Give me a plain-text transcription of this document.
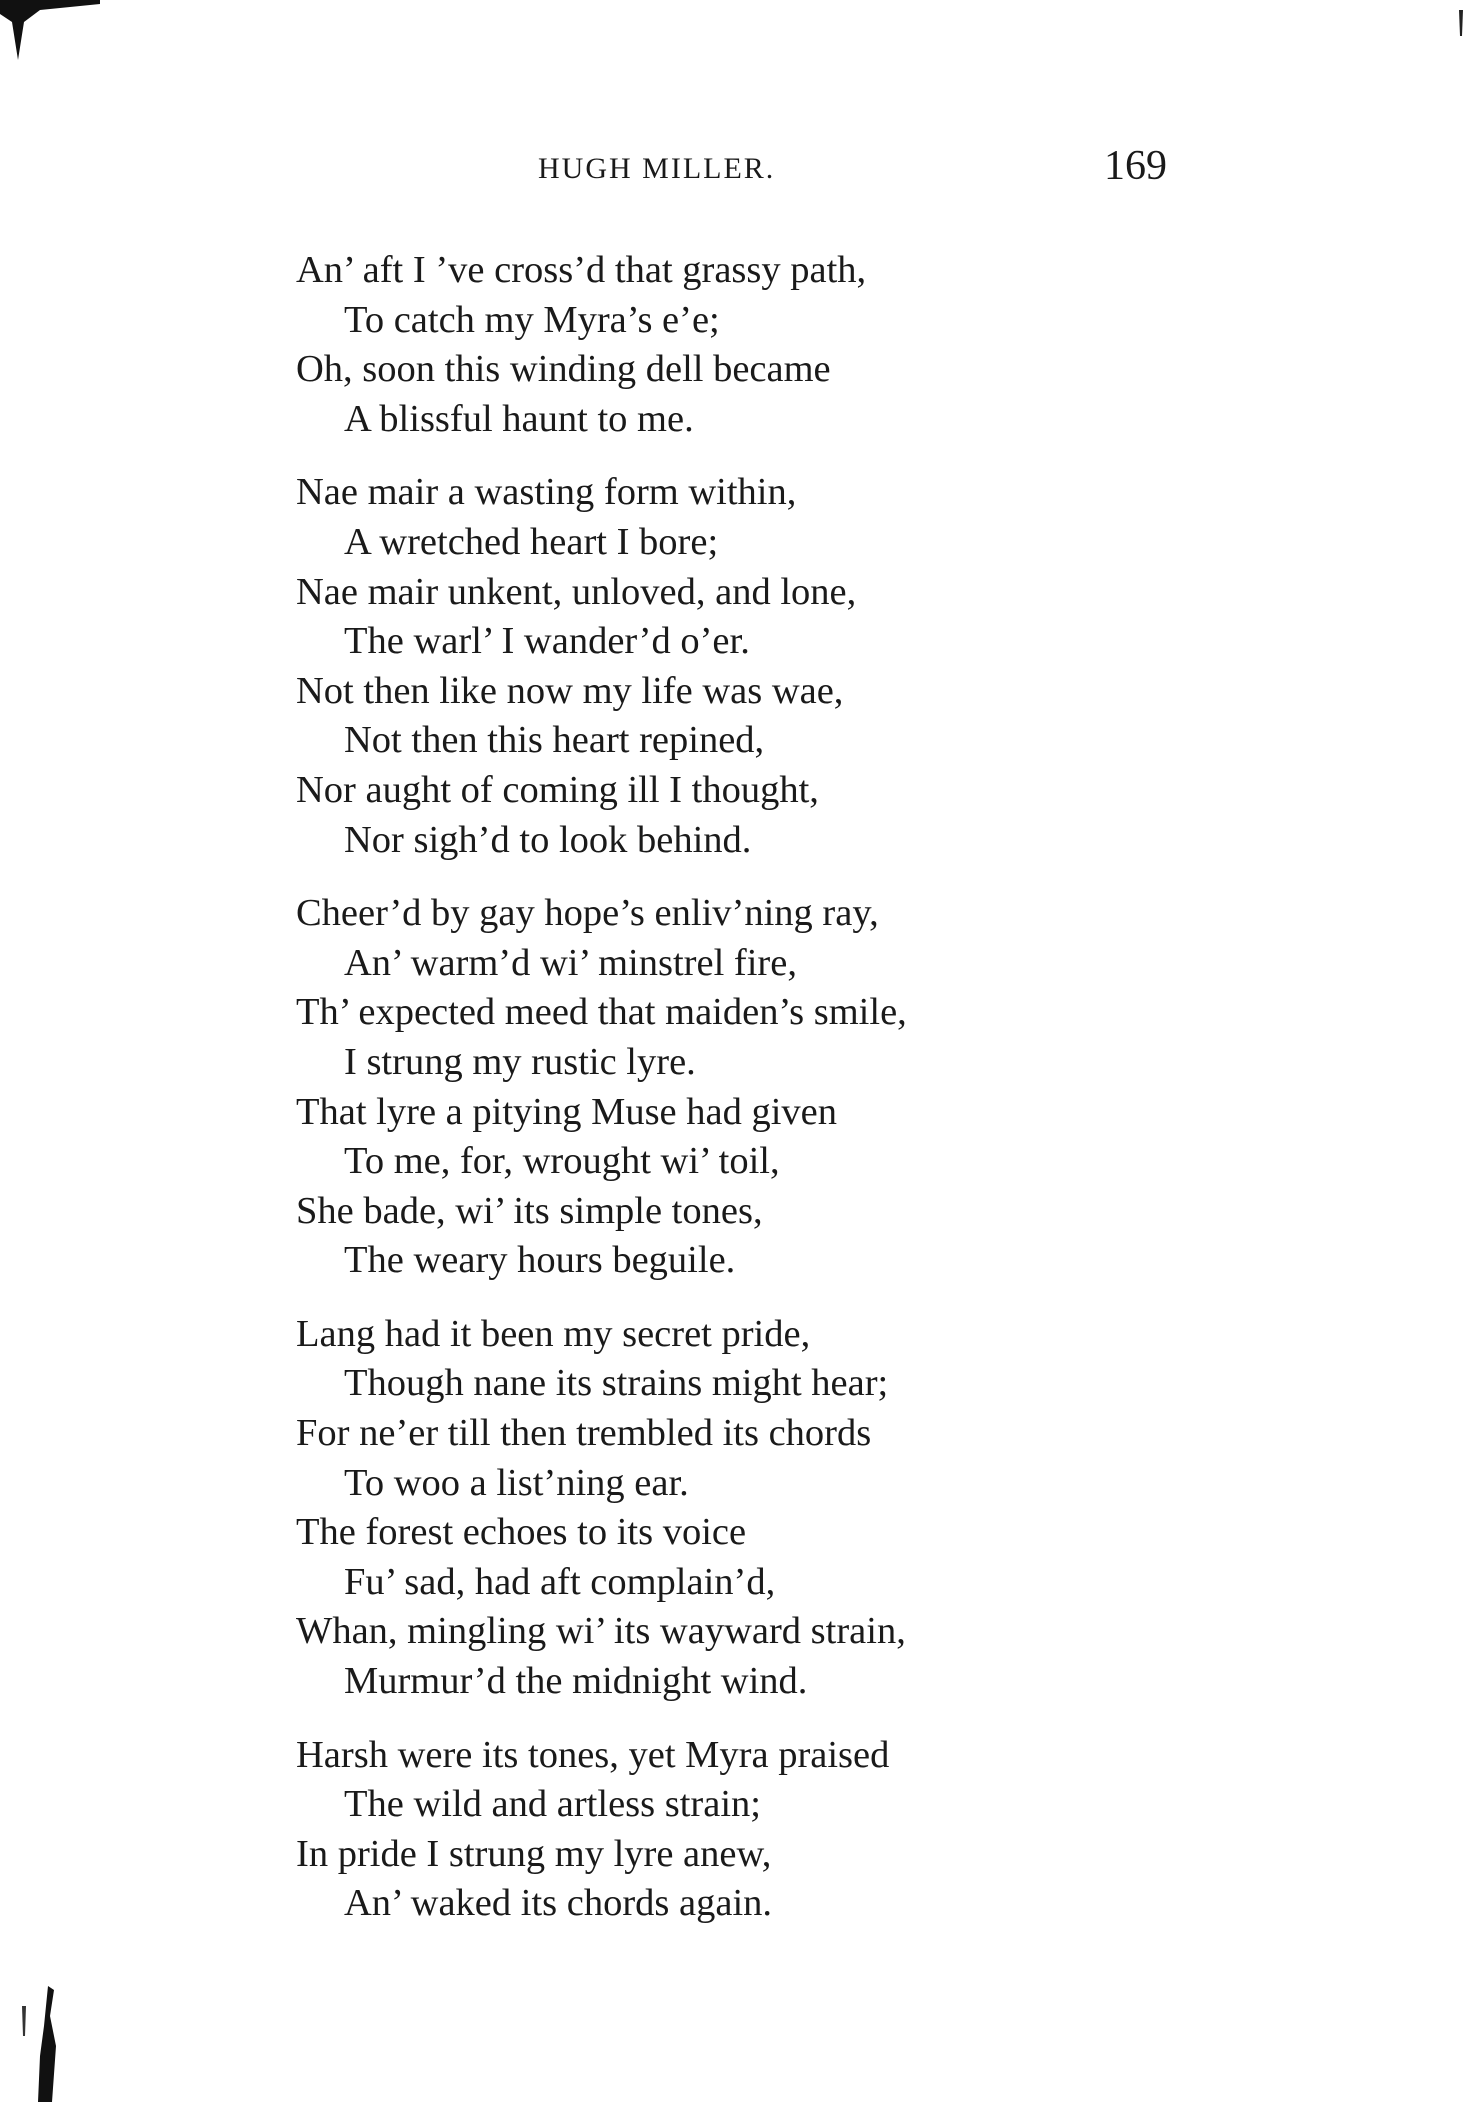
HUGH MILLER.	169
An’ aft I ’ve cross’d that grassy path,
To catch my Myra’s e’e;
Oh, soon this winding dell became
A blissful haunt to me.
Nae mair a wasting form within,
A wretched heart I bore;
Nae mair unkent, unloved, and lone,
The warl’ I wander’d o’er.
Not then like now my life was wae,
Not then this heart repined,
Nor aught of coming ill I thought,
Nor sigh’d to look behind.
Cheer’d by gay hope’s enliv’ning ray,
An’ warm’d wi’ minstrel fire,
Th’ expected meed that maiden’s smile,
I strung my rustic lyre.
That lyre a pitying Muse had given
To me, for, wrought wi’ toil,
She bade, wi’ its simple tones,
The weary hours beguile.
Lang had it been my secret pride,
Though nane its strains might hear;
For ne’er till then trembled its chords
To woo a list’ning ear.
The forest echoes to its voice
Fu’ sad, had aft complain’d,
Whan, mingling wi’ its wayward strain,
Murmur’d the midnight wind.
Harsh were its tones, yet Myra praised
The wild and artless strain;
In pride I strung my lyre anew,
An’ waked its chords again.
